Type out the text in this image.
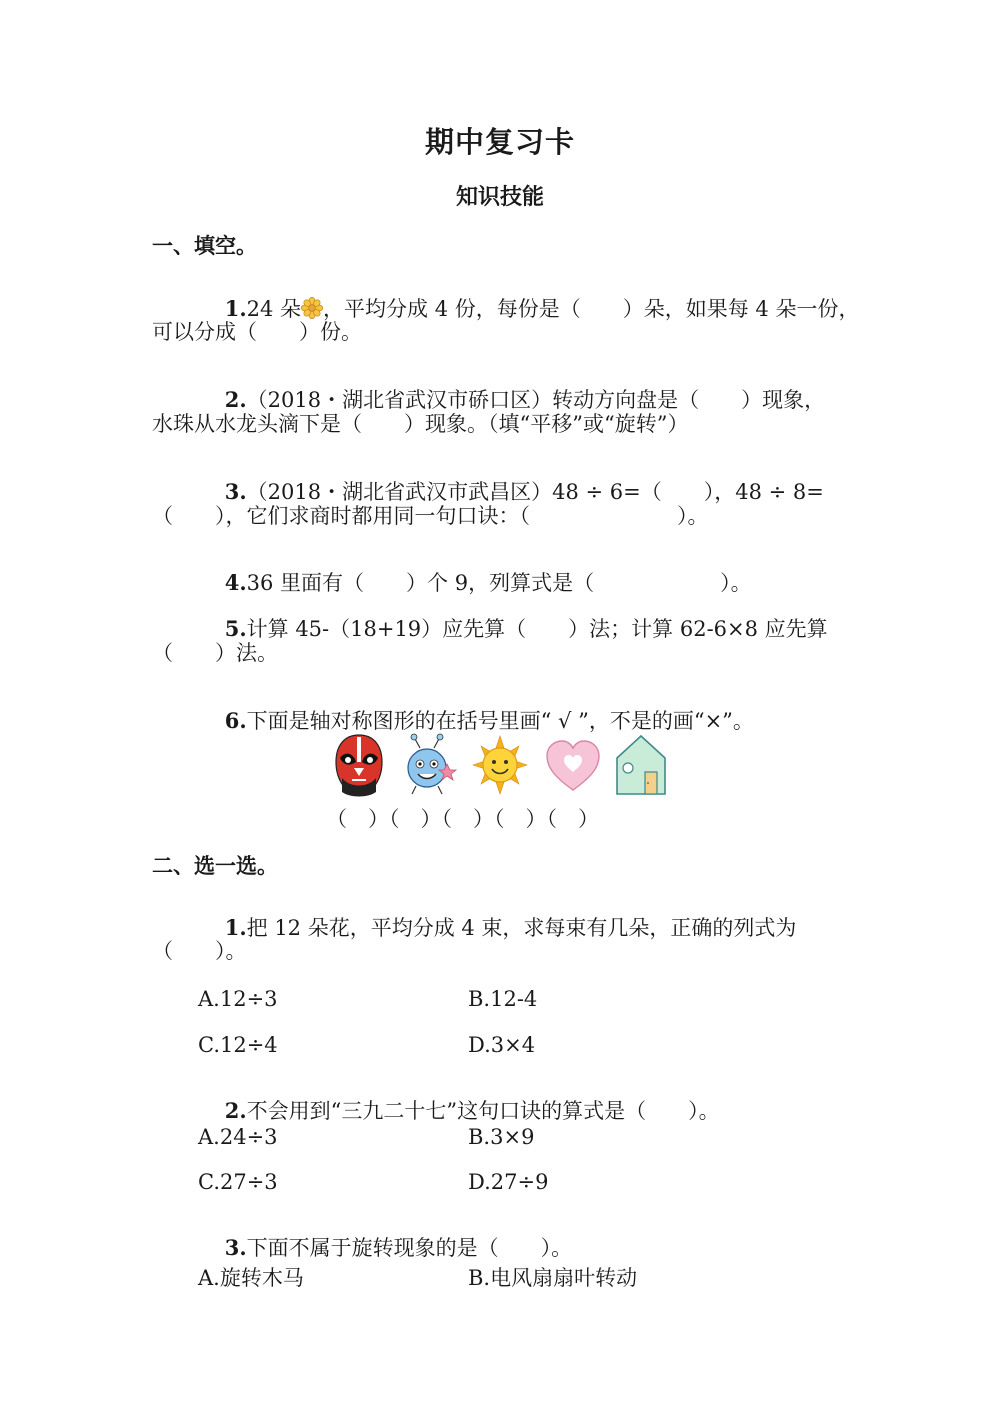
期中复习卡
知识技能
一、填空。

1.24 朵 ，平均分成 4 份，每份是（　　）朵，如果每 4 朵一份，

可以分成（　　）份。

2.（2018・湖北省武汉市硚口区）转动方向盘是（　　）现象，

水珠从水龙头滴下是（　　）现象。（填“平移”或“旋转”）

3.（2018・湖北省武汉市武昌区）48 ÷ 6=（　　），48 ÷ 8=

（　　），它们求商时都用同一句口诀：（　　　　　　　）。

4.36 里面有（　　）个 9，列算式是（　　　　　　）。

5.计算 45-（18+19）应先算（　　）法；计算 62-6×8 应先算

（　　）法。

6.下面是轴对称图形的在括号里画“ √ ”，不是的画“×”。

（　）（　）（　）（　）（　）
二、选一选。

1.把 12 朵花，平均分成 4 束，求每束有几朵，正确的列式为

（　　）。
A.12÷3	B.12-4
C.12÷4	D.3×4

2.不会用到“三九二十七”这句口诀的算式是（　　）。

A.24÷3	B.3×9
C.27÷3	D.27÷9

3.下面不属于旋转现象的是（　　）。

A.旋转木马	B.电风扇扇叶转动
